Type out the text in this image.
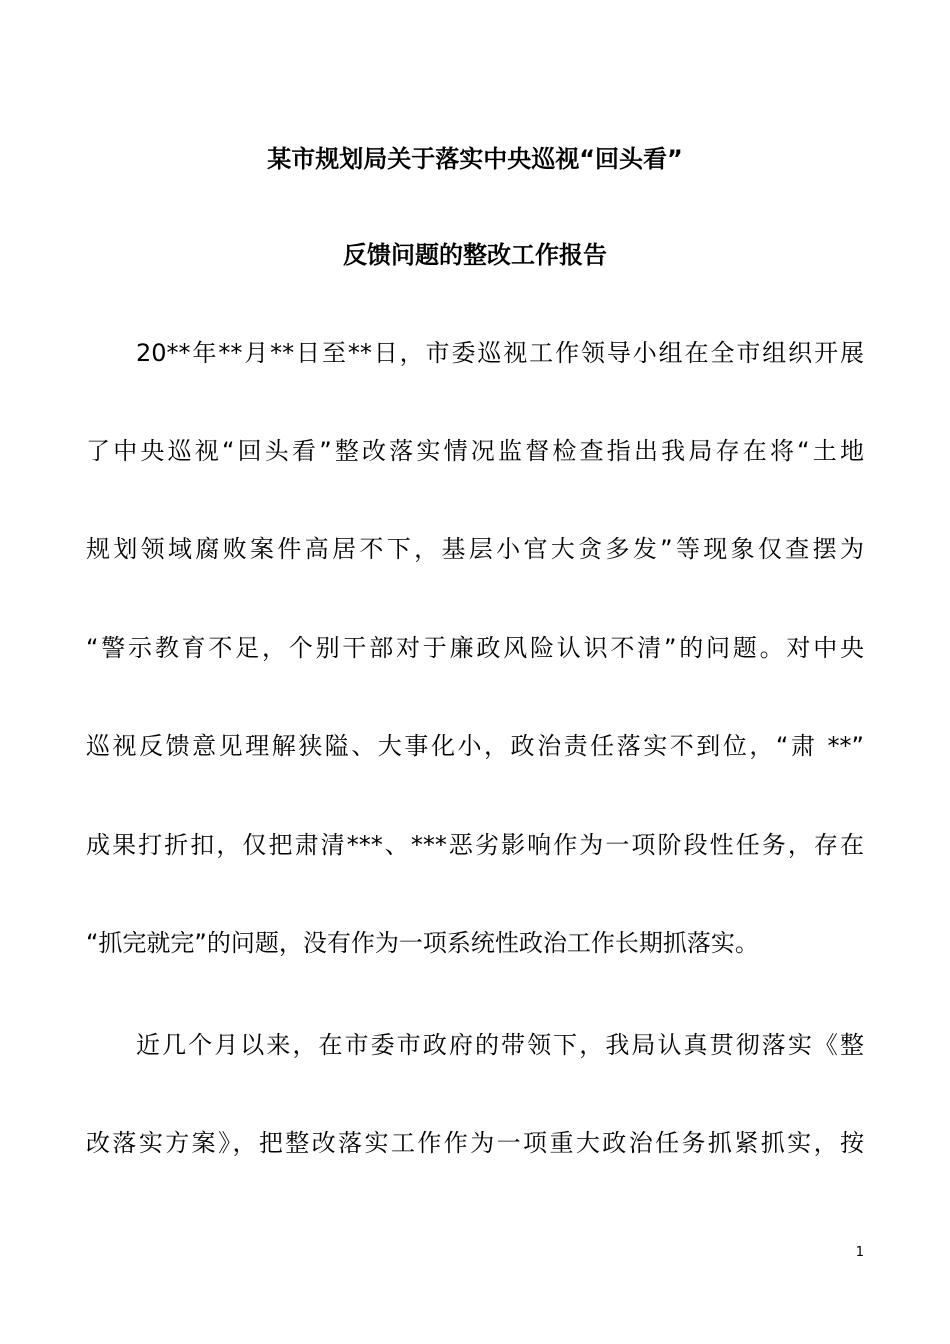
某市规划局关于落实中央巡视“回头看”
反馈问题的整改工作报告
20**年**月**日至**日，市委巡视工作领导小组在全市组织开展
了中央巡视“回头看”整改落实情况监督检查指出我局存在将“土地
规划领域腐败案件高居不下，基层小官大贪多发”等现象仅查摆为
“警示教育不足，个别干部对于廉政风险认识不清”的问题。对中央
巡视反馈意见理解狭隘、大事化小，政治责任落实不到位，“肃 **”
成果打折扣，仅把肃清***、***恶劣影响作为一项阶段性任务，存在
“抓完就完”的问题，没有作为一项系统性政治工作长期抓落实。
近几个月以来，在市委市政府的带领下，我局认真贯彻落实《整
改落实方案》，把整改落实工作作为一项重大政治任务抓紧抓实，按
1
